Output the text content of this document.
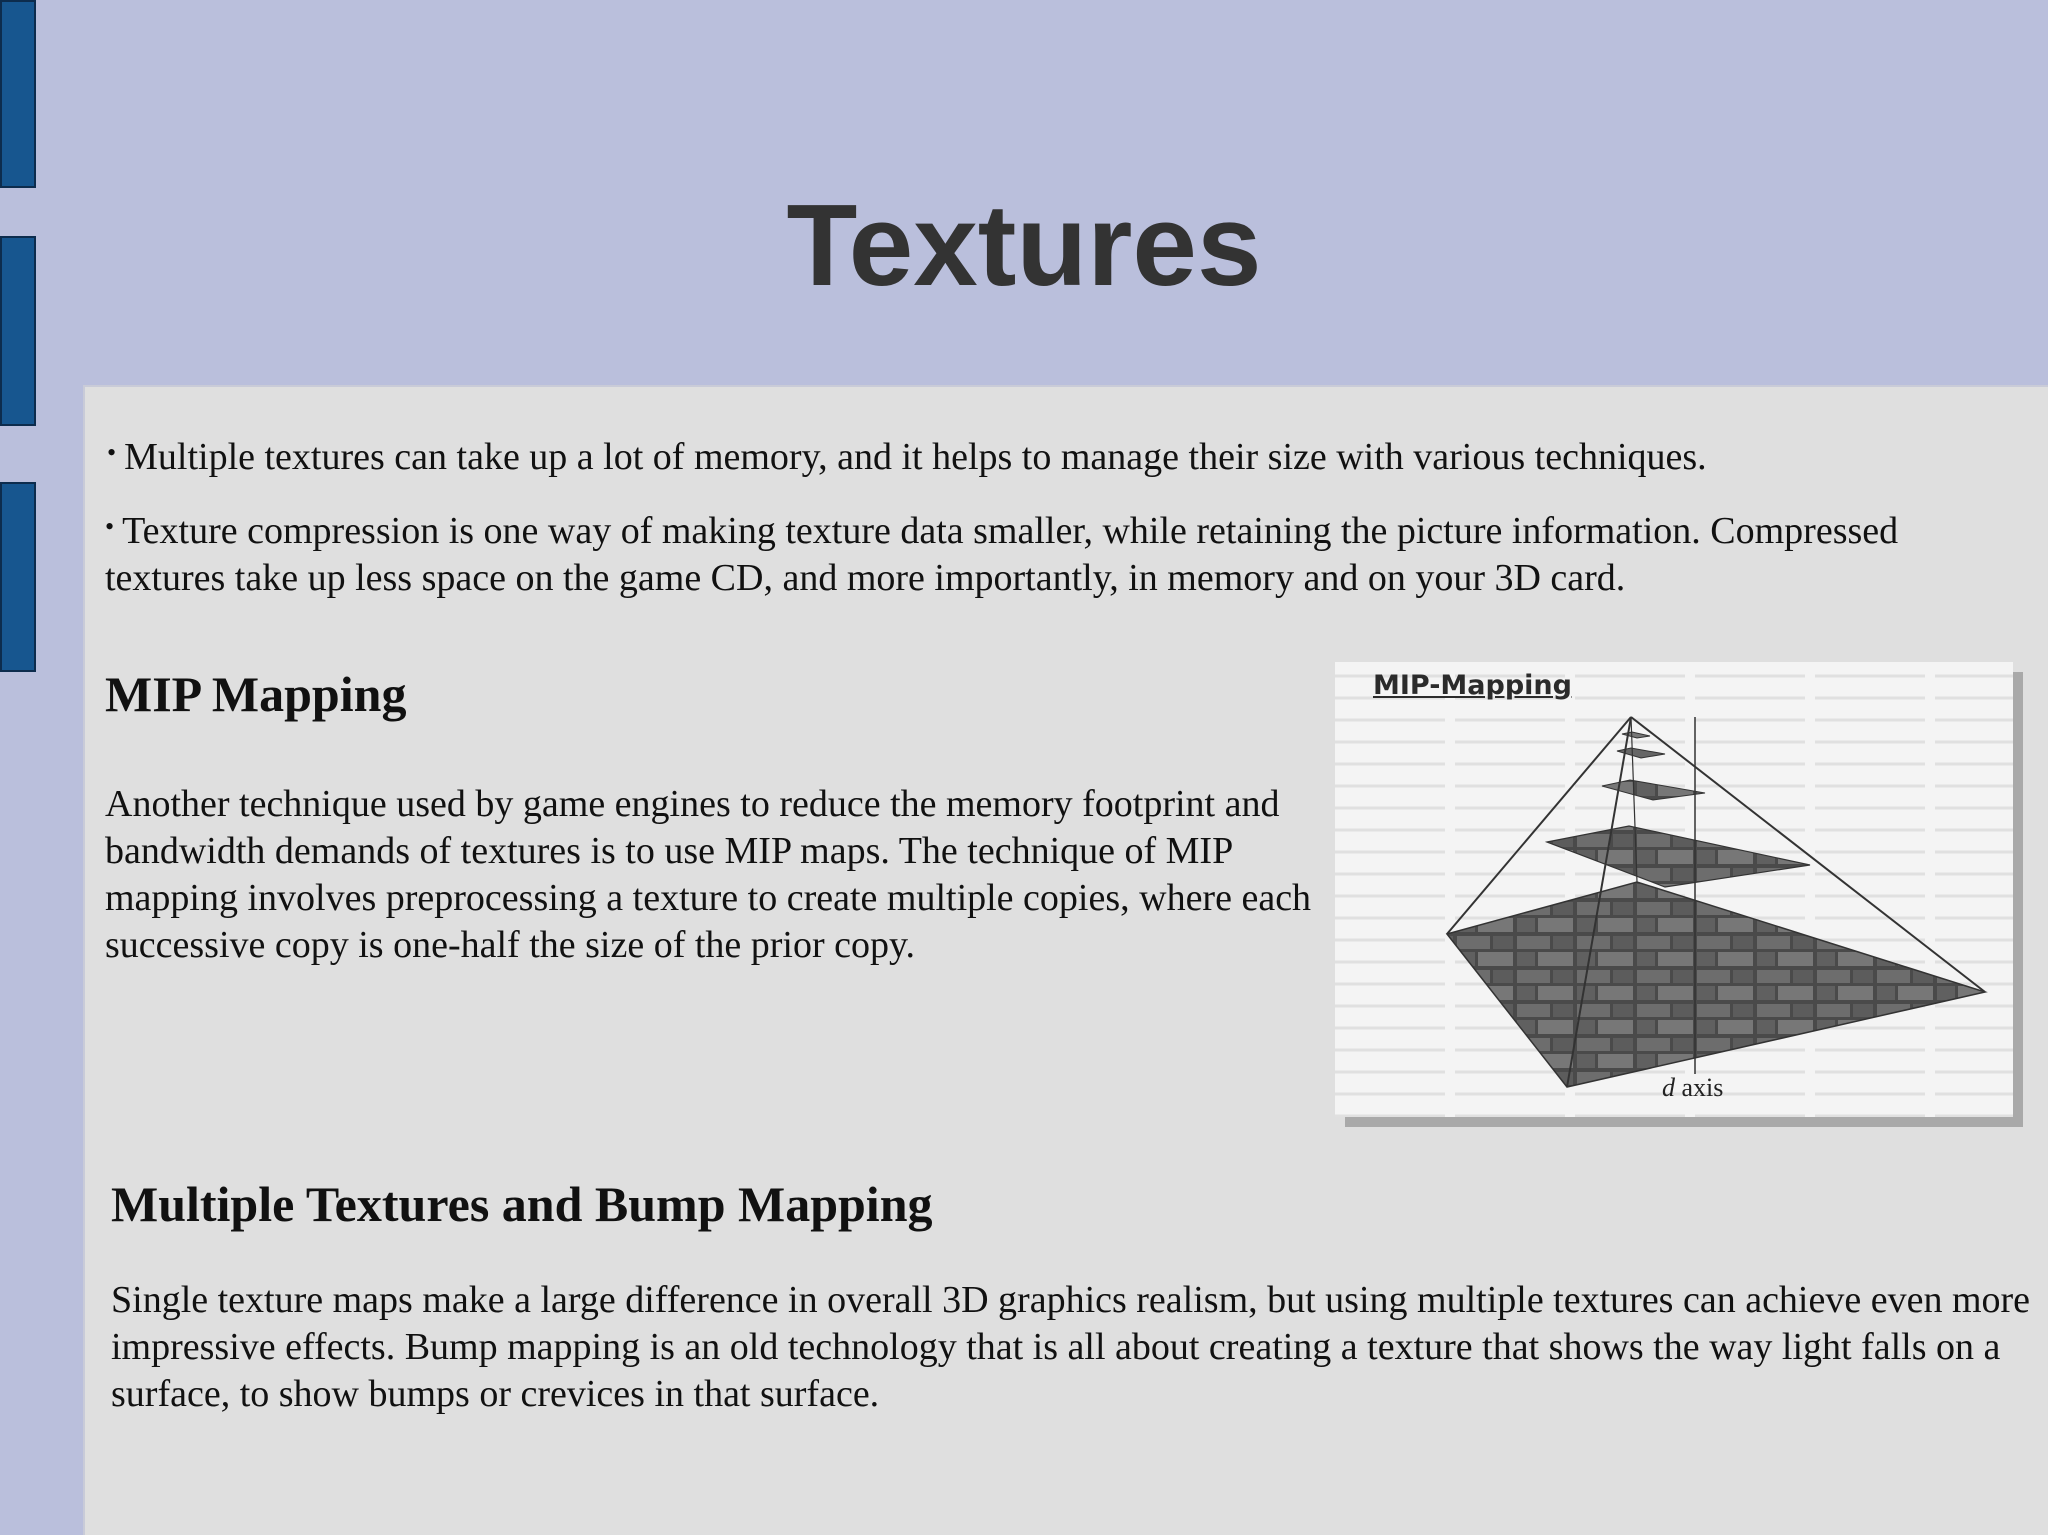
Textures

• Multiple textures can take up a lot of memory, and it helps to manage their size with various techniques.

• Texture compression is one way of making texture data smaller, while retaining the picture information. Compressed textures take up less space on the game CD, and more importantly, in memory and on your 3D card.

MIP Mapping

Another technique used by game engines to reduce the memory footprint and bandwidth demands of textures is to use MIP maps. The technique of MIP mapping involves preprocessing a texture to create multiple copies, where each successive copy is one-half the size of the prior copy.

MIP-Mapping
d axis
Multiple Textures and Bump Mapping

Single texture maps make a large difference in overall 3D graphics realism, but using multiple textures can achieve even more impressive effects. Bump mapping is an old technology that is all about creating a texture that shows the way light falls on a surface, to show bumps or crevices in that surface.
